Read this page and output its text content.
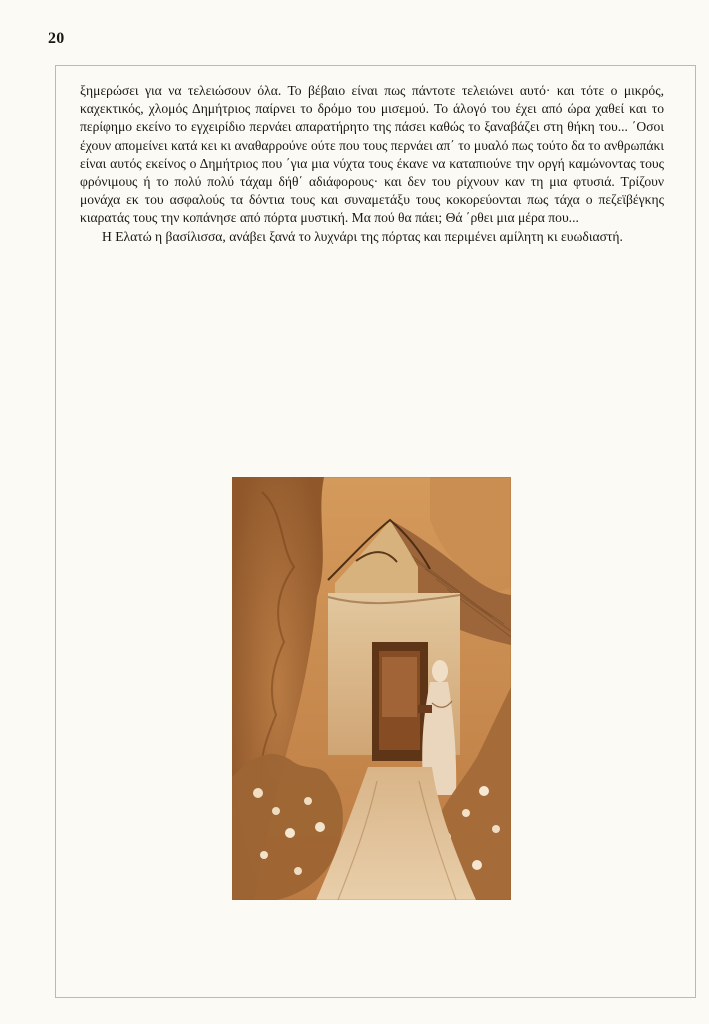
20

ξημερώσει για να τελειώσουν όλα. Το βέβαιο είναι πως πάντοτε τελειώνει αυτό· και τότε ο μικρός, καχεκτικός, χλομός Δημήτριος παίρνει το δρόμο του μισεμού. Το άλογό του έχει από ώρα χαθεί και το περίφημο εκείνο το εγχειρίδιο περνάει απαρατήρητο της πάσει καθώς το ξαναβάζει στη θήκη του... ΄Οσοι έχουν απομείνει κατά κει κι αναθαρρούνε ούτε που τους περνάει απ΄ το μυαλό πως τούτο δα το ανθρωπάκι είναι αυτός εκείνος ο Δημήτριος που ΄για μια νύχτα τους έκανε να καταπιούνε την οργή καμώνοντας τους φρόνιμους ή το πολύ πολύ τάχαμ δήθ΄ αδιάφορους· και δεν του ρίχνουν καν τη μια φτυσιά. Τρίζουν μονάχα εκ του ασφαλούς τα δόντια τους και συναμετάξυ τους κοκορεύονται πως τάχα ο πεζεϊβέγκης κιαρατάς τους την κοπάνησε από πόρτα μυστική. Μα πού θα πάει; Θά ΄ρθει μια μέρα που...

Η Ελατώ η βασίλισσα, ανάβει ξανά το λυχνάρι της πόρτας και περιμένει αμίλητη κι ευωδιαστή.
